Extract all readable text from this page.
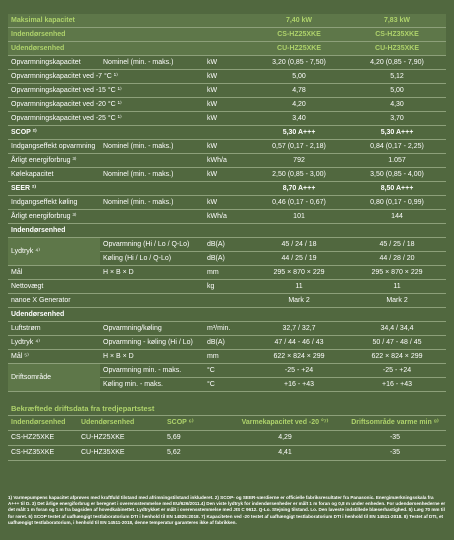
Maksimal kapacitet			7,40 kW	7,83 kW
Indendørsenhed			CS-HZ25XKE	CS-HZ35XKE
Udendørsenhed			CU-HZ25XKE	CU-HZ35XKE
Opvarmningskapacitet	Nominel (min. - maks.)	kW	3,20 (0,85 - 7,50)	4,20 (0,85 - 7,90)
Opvarmningskapacitet ved -7 °C ¹⁾		kW	5,00	5,12
Opvarmningskapacitet ved -15 °C ¹⁾		kW	4,78	5,00
Opvarmningskapacitet ved -20 °C ¹⁾		kW	4,20	4,30
Opvarmningskapacitet ved -25 °C ¹⁾		kW	3,40	3,70
SCOP ²⁾			5,30 A+++	5,30 A+++
Indgangseffekt opvarmning	Nominel (min. - maks.)	kW	0,57 (0,17 - 2,18)	0,84 (0,17 - 2,25)
Årligt energiforbrug ³⁾		kWh/a	792	1.057
Kølekapacitet	Nominel (min. - maks.)	kW	2,50 (0,85 - 3,00)	3,50 (0,85 - 4,00)
SEER ²⁾			8,70 A+++	8,50 A+++
Indgangseffekt køling	Nominel (min. - maks.)	kW	0,46 (0,17 - 0,67)	0,80 (0,17 - 0,99)
Årligt energiforbrug ³⁾		kWh/a	101	144
Indendørsenhed				
Lydtryk ⁴⁾	Opvarmning (Hi / Lo / Q-Lo)	dB(A)	45 / 24 / 18	45 / 25 / 18
	Køling (Hi / Lo / Q-Lo)	dB(A)	44 / 25 / 19	44 / 28 / 20
Mål	H × B × D	mm	295 × 870 × 229	295 × 870 × 229
Nettovægt		kg	11	11
nanoe X Generator			Mark 2	Mark 2
Udendørsenhed				
Luftstrøm	Opvarmning/køling	m³/min.	32,7 / 32,7	34,4 / 34,4
Lydtryk ⁴⁾	Opvarmning - køling (Hi / Lo)	dB(A)	47 / 44 - 46 / 43	50 / 47 - 48 / 45
Mål ⁵⁾	H × B × D	mm	622 × 824 × 299	622 × 824 × 299
Driftsområde	Opvarmning min. - maks.	°C	-25 - +24	-25 - +24
	Køling min. - maks.	°C	+16 - +43	+16 - +43
Bekræftede driftsdata fra tredjepartstest
Indendørsenhed	Udendørsenhed	SCOP ⁶⁾	Varmekapacitet ved -20 °⁷⁾	Driftsområde varme min ⁸⁾
CS-HZ25XKE	CU-HZ25XKE	5,69	4,29	-35
CS-HZ35XKE	CU-HZ35XKE	5,62	4,41	-35
1) Varmepumpens kapacitet afprøves med kraftfuld tilstand med afrimningstilstand inkluderet. 2) SCOP- og SEER-værdierne er officielle fabriksresultater fra Panasonic. Energimærkningsskala fra A+++ til D. 3) Det årlige energiforbrug er beregnet i overensstemmelse med EU/626/2011.4) Den viste lydtryk for indendørsenheder er målt 1 m foran og 0,8 m under enheden. For udendørsenhederne er det målt 1 m foran og 1 m fra bagsiden af hovedkabinettet. Lydtrykket er målt i overensstemmelse med JIS C 9612. Q-Lo. Stejning tilstand. Lo. Den laveste indstillede blæserhastighed. 5) Læg 70 mm til for røret. 6) SCOP testet af uafhængigt testlaboratorium DTI i henhold til EN 14825:2018. 7) Kapaciteten ved -20 testet af uafhængigt testlaboratorium DTI i henhold til EN 14511-2018. 8) Testet af DTI, et uafhængigt testlaboratorium, i henhold til EN 14511-2018, denne temperatur garanteres ikke af fabrikken.
